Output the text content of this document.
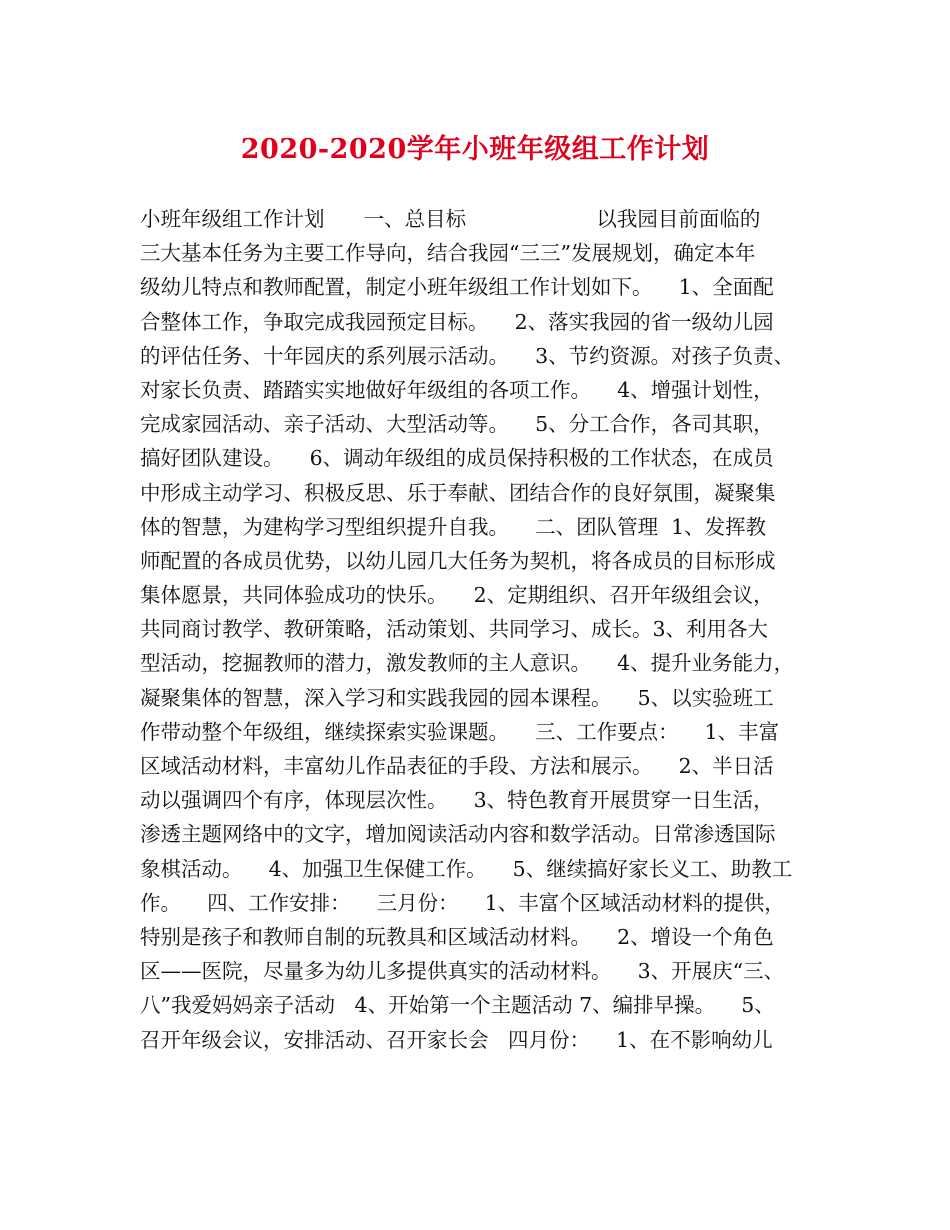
2020-2020学年小班年级组工作计划
小班年级组工作计划      一、总目标                    以我园目前面临的
三大基本任务为主要工作导向，结合我园“三三”发展规划，确定本年
级幼儿特点和教师配置，制定小班年级组工作计划如下。    1、全面配
合整体工作，争取完成我园预定目标。    2、落实我园的省一级幼儿园
的评估任务、十年园庆的系列展示活动。    3、节约资源。对孩子负责、
对家长负责、踏踏实实地做好年级组的各项工作。    4、增强计划性，
完成家园活动、亲子活动、大型活动等。    5、分工合作，各司其职，
搞好团队建设。    6、调动年级组的成员保持积极的工作状态，在成员
中形成主动学习、积极反思、乐于奉献、团结合作的良好氛围，凝聚集
体的智慧，为建构学习型组织提升自我。    二、团队管理  1、发挥教
师配置的各成员优势，以幼儿园几大任务为契机，将各成员的目标形成
集体愿景，共同体验成功的快乐。    2、定期组织、召开年级组会议，
共同商讨教学、教研策略，活动策划、共同学习、成长。3、利用各大
型活动，挖掘教师的潜力，激发教师的主人意识。    4、提升业务能力，
凝聚集体的智慧，深入学习和实践我园的园本课程。    5、以实验班工
作带动整个年级组，继续探索实验课题。    三、工作要点：    1、丰富
区域活动材料，丰富幼儿作品表征的手段、方法和展示。    2、半日活
动以强调四个有序，体现层次性。    3、特色教育开展贯穿一日生活，
渗透主题网络中的文字，增加阅读活动内容和数学活动。日常渗透国际
象棋活动。    4、加强卫生保健工作。    5、继续搞好家长义工、助教工
作。    四、工作安排：    三月份：    1、丰富个区域活动材料的提供，
特别是孩子和教师自制的玩教具和区域活动材料。    2、增设一个角色
区——医院，尽量多为幼儿多提供真实的活动材料。    3、开展庆“三、
八”我爱妈妈亲子活动   4、开始第一个主题活动 7、编排早操。    5、
召开年级会议，安排活动、召开家长会   四月份：    1、在不影响幼儿
